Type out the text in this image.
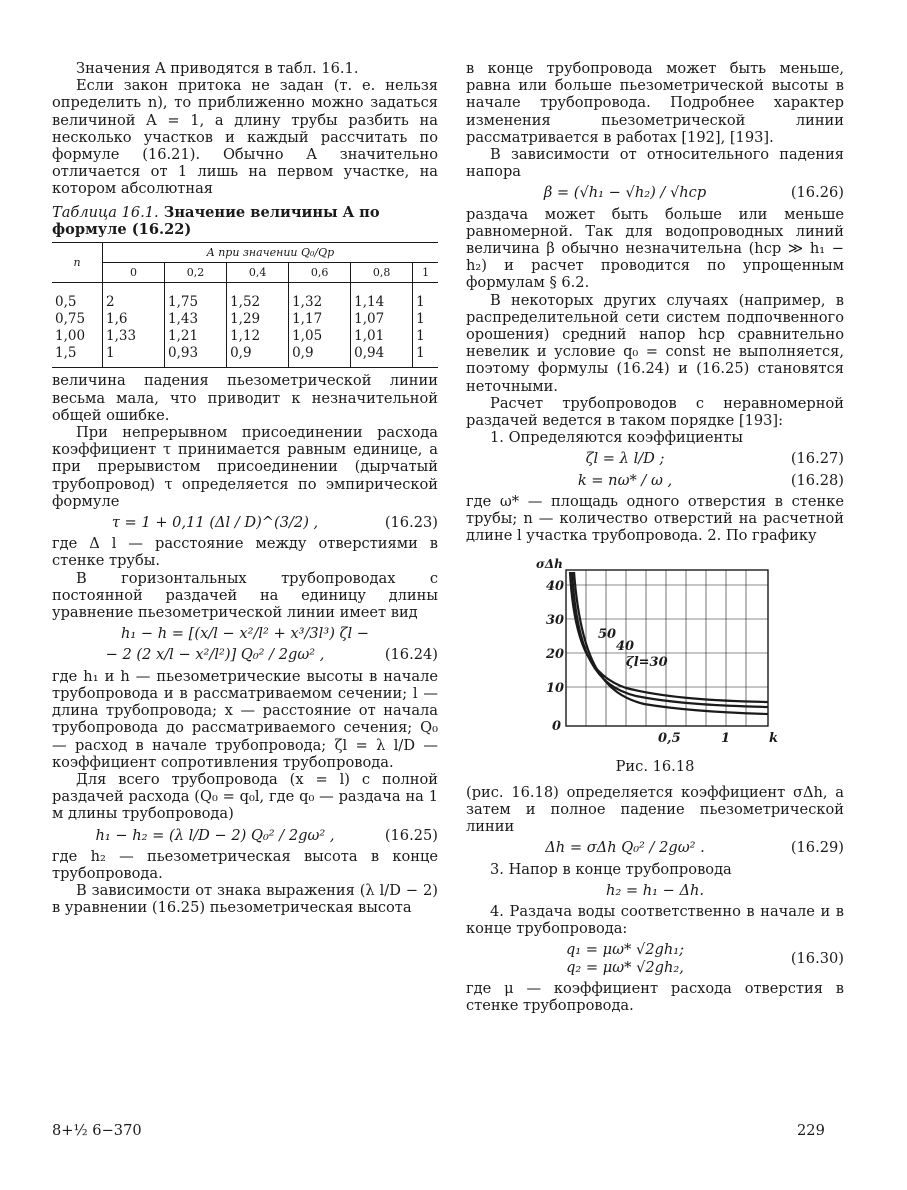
Значения A приводятся в табл. 16.1.

Если закон притока не задан (т. е. нельзя определить n), то приближенно можно задаться величиной A = 1, а длину трубы разбить на несколько участков и каждый рассчитать по формуле (16.21). Обычно A значительно отличается от 1 лишь на первом участке, на котором абсолютная

Таблица 16.1. Значение величины A по формуле (16.22)

n	A при значении Q₀/Qр					
	0	0,2	0,4	0,6	0,8	1
0,5	2	1,75	1,52	1,32	1,14	1
0,75	1,6	1,43	1,29	1,17	1,07	1
1,00	1,33	1,21	1,12	1,05	1,01	1
1,5	1	0,93	0,9	0,9	0,94	1

величина падения пьезометрической линии весьма мала, что приводит к незначительной общей ошибке.

При непрерывном присоединении расхода коэффициент τ принимается равным единице, а при прерывистом присоединении (дырчатый трубопровод) τ определяется по эмпирической формуле

τ = 1 + 0,11 (Δl / D)^(3/2) ,	(16.23)

где Δ l — расстояние между отверстиями в стенке трубы.

В горизонтальных трубопроводах с постоянной раздачей на единицу длины уравнение пьезометрической линии имеет вид

h₁ − h = [(x/l − x²/l² + x³/3l³) ζl −
− 2 (2 x/l − x²/l²)] Q₀² / 2gω² ,	(16.24)

где h₁ и h — пьезометрические высоты в начале трубопровода и в рассматриваемом сечении; l — длина трубопровода; x — расстояние от начала трубопровода до рассматриваемого сечения; Q₀ — расход в начале трубопровода; ζl = λ l/D — коэффициент сопротивления трубопровода.

Для всего трубопровода (x = l) с полной раздачей расхода (Q₀ = q₀l, где q₀ — раздача на 1 м длины трубопровода)

h₁ − h₂ = (λ l/D − 2) Q₀² / 2gω² ,	(16.25)

где h₂ — пьезометрическая высота в конце трубопровода.

В зависимости от знака выражения (λ l/D − 2) в уравнении (16.25) пьезометрическая высота

в конце трубопровода может быть меньше, равна или больше пьезометрической высоты в начале трубопровода. Подробнее характер изменения пьезометрической линии рассматривается в работах [192], [193].

В зависимости от относительного падения напора

β = (√h₁ − √h₂) / √hср	(16.26)

раздача может быть больше или меньше равномерной. Так для водопроводных линий величина β обычно незначительна (hср ≫ h₁ − h₂) и расчет проводится по упрощенным формулам § 6.2.

В некоторых других случаях (например, в распределительной сети систем подпочвенного орошения) средний напор hср сравнительно невелик и условие q₀ = const не выполняется, поэтому формулы (16.24) и (16.25) становятся неточными.

Расчет трубопроводов с неравномерной раздачей ведется в таком порядке [193]:

1. Определяются коэффициенты

ζl = λ l/D ;	(16.27)
k = nω* / ω ,	(16.28)

где ω* — площадь одного отверстия в стенке трубы; n — количество отверстий на расчетной длине l участка трубопровода. 2. По графику

σΔh
0
10
20
30
40
0,5	1	k
50
40
ζl=30

Рис. 16.18

(рис. 16.18) определяется коэффициент σΔh, а затем и полное падение пьезометрической линии

Δh = σΔh Q₀² / 2gω² .	(16.29)

3. Напор в конце трубопровода

h₂ = h₁ − Δh.

4. Раздача воды соответственно в начале и в конце трубопровода:

q₁ = μω* √2gh₁;
q₂ = μω* √2gh₂,
(16.30)

где μ — коэффициент расхода отверстия в стенке трубопровода.

8+½ 6−370	229
